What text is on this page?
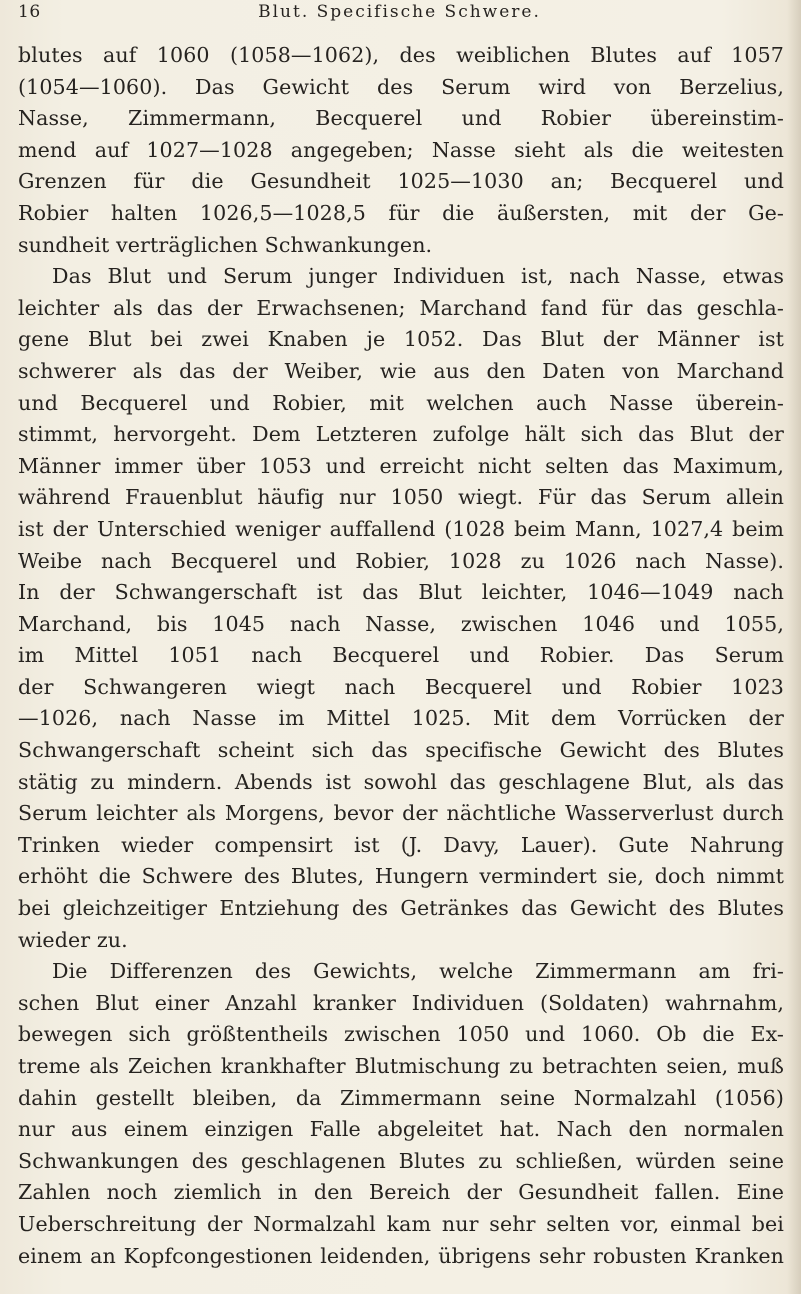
16	Blut. Specifische Schwere.
blutes auf 1060 (1058—1062), des weiblichen Blutes auf 1057
(1054—1060). Das Gewicht des Serum wird von Berzelius,
Nasse, Zimmermann, Becquerel und Robier übereinstim-
mend auf 1027—1028 angegeben; Nasse sieht als die weitesten
Grenzen für die Gesundheit 1025—1030 an; Becquerel und
Robier halten 1026,5—1028,5 für die äußersten, mit der Ge-
sundheit verträglichen Schwankungen.
Das Blut und Serum junger Individuen ist, nach Nasse, etwas
leichter als das der Erwachsenen; Marchand fand für das geschla-
gene Blut bei zwei Knaben je 1052. Das Blut der Männer ist
schwerer als das der Weiber, wie aus den Daten von Marchand
und Becquerel und Robier, mit welchen auch Nasse überein-
stimmt, hervorgeht. Dem Letzteren zufolge hält sich das Blut der
Männer immer über 1053 und erreicht nicht selten das Maximum,
während Frauenblut häufig nur 1050 wiegt. Für das Serum allein
ist der Unterschied weniger auffallend (1028 beim Mann, 1027,4 beim
Weibe nach Becquerel und Robier, 1028 zu 1026 nach Nasse).
In der Schwangerschaft ist das Blut leichter, 1046—1049 nach
Marchand, bis 1045 nach Nasse, zwischen 1046 und 1055,
im Mittel 1051 nach Becquerel und Robier. Das Serum
der Schwangeren wiegt nach Becquerel und Robier 1023
—1026, nach Nasse im Mittel 1025. Mit dem Vorrücken der
Schwangerschaft scheint sich das specifische Gewicht des Blutes
stätig zu mindern. Abends ist sowohl das geschlagene Blut, als das
Serum leichter als Morgens, bevor der nächtliche Wasserverlust durch
Trinken wieder compensirt ist (J. Davy, Lauer). Gute Nahrung
erhöht die Schwere des Blutes, Hungern vermindert sie, doch nimmt
bei gleichzeitiger Entziehung des Getränkes das Gewicht des Blutes
wieder zu.
Die Differenzen des Gewichts, welche Zimmermann am fri-
schen Blut einer Anzahl kranker Individuen (Soldaten) wahrnahm,
bewegen sich größtentheils zwischen 1050 und 1060. Ob die Ex-
treme als Zeichen krankhafter Blutmischung zu betrachten seien, muß
dahin gestellt bleiben, da Zimmermann seine Normalzahl (1056)
nur aus einem einzigen Falle abgeleitet hat. Nach den normalen
Schwankungen des geschlagenen Blutes zu schließen, würden seine
Zahlen noch ziemlich in den Bereich der Gesundheit fallen. Eine
Ueberschreitung der Normalzahl kam nur sehr selten vor, einmal bei
einem an Kopfcongestionen leidenden, übrigens sehr robusten Kranken
